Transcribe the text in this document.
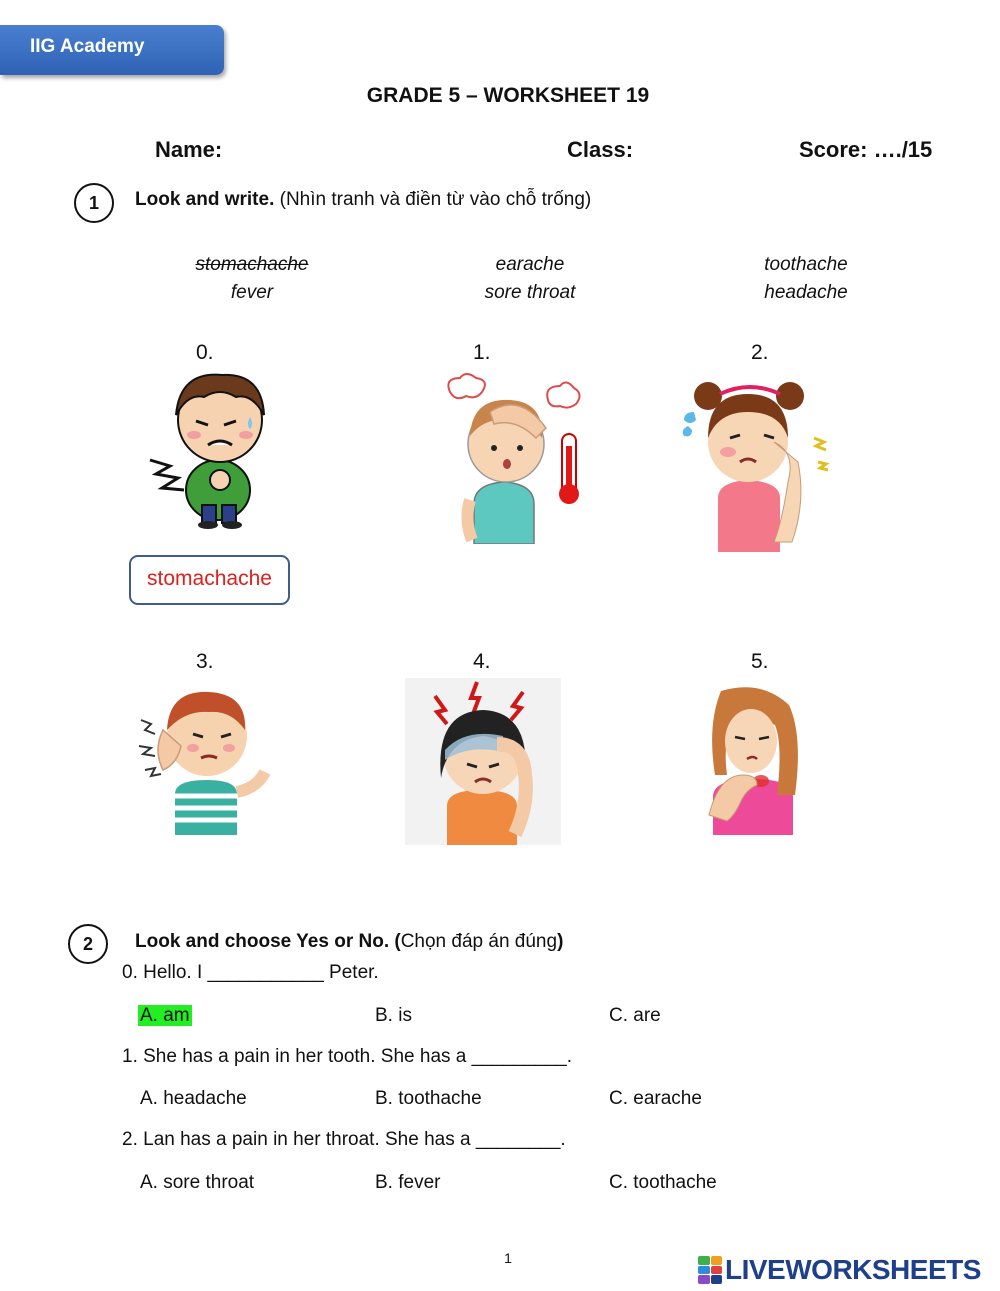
IIG Academy
GRADE 5 – WORKSHEET 19
Name:	Class:	Score: …./15
1	Look and write. (Nhìn tranh và điền từ vào chỗ trống)
stomachache	earache	toothache
fever	sore throat	headache
0.	1.	2.
stomachache
3.	4.	5.
2	Look and choose Yes or No. (Chọn đáp án đúng)
0. Hello. I ___________ Peter.
A. am	B. is	C. are
1. She has a pain in her tooth. She has a _________.
A. headache	B. toothache	C. earache
2. Lan has a pain in her throat. She has a ________.
A. sore throat	B. fever	C. toothache
1	LIVEWORKSHEETS
